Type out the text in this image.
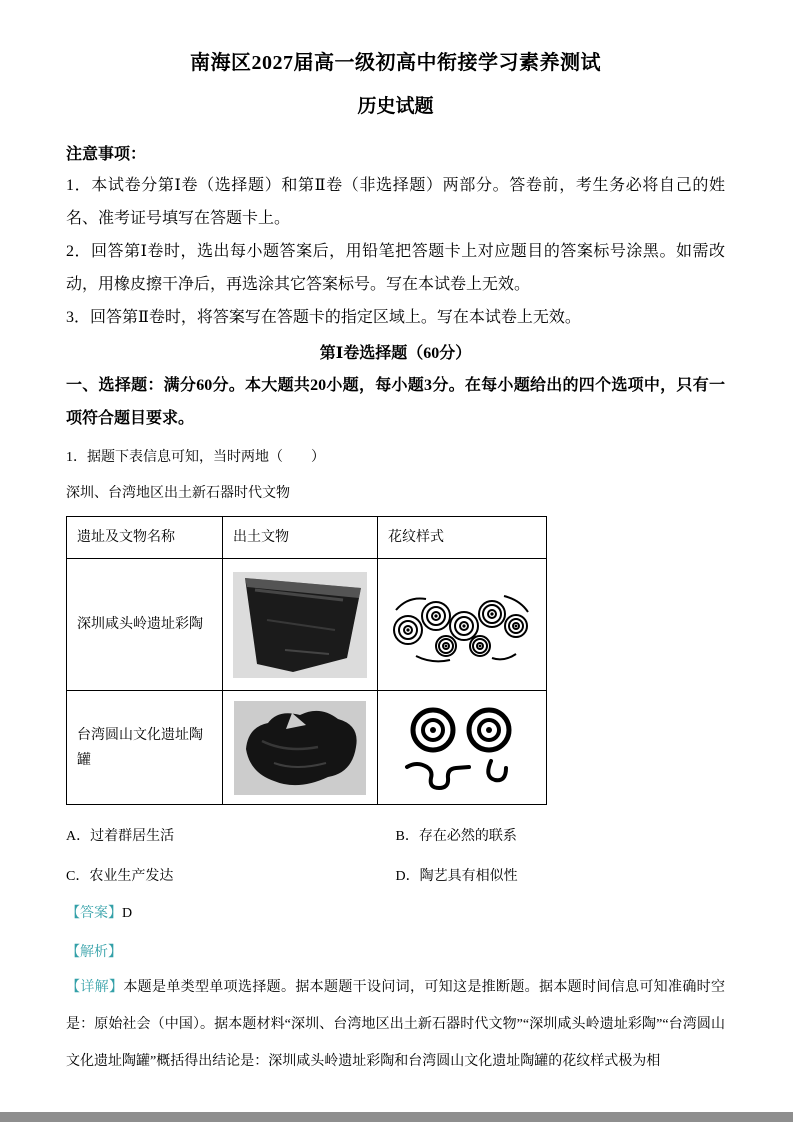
南海区2027届高一级初高中衔接学习素养测试
历史试题

注意事项：

1．本试卷分第Ⅰ卷（选择题）和第Ⅱ卷（非选择题）两部分。答卷前，考生务必将自己的姓名、准考证号填写在答题卡上。

2．回答第Ⅰ卷时，选出每小题答案后，用铅笔把答题卡上对应题目的答案标号涂黑。如需改动，用橡皮擦干净后，再选涂其它答案标号。写在本试卷上无效。

3．回答第Ⅱ卷时，将答案写在答题卡的指定区域上。写在本试卷上无效。

第Ⅰ卷选择题（60分）

一、选择题：满分60分。本大题共20小题，每小题3分。在每小题给出的四个选项中，只有一项符合题目要求。

1．据题下表信息可知，当时两地（　　）

深圳、台湾地区出土新石器时代文物

遗址及文物名称	出土文物	花纹样式
深圳咸头岭遗址彩陶	

台湾圆山文化遗址陶罐	

A．过着群居生活	B．存在必然的联系
C．农业生产发达	D．陶艺具有相似性

【答案】D

【解析】

【详解】本题是单类型单项选择题。据本题题干设问词，可知这是推断题。据本题时间信息可知准确时空是：原始社会（中国）。据本题材料“深圳、台湾地区出土新石器时代文物”“深圳咸头岭遗址彩陶”“台湾圆山文化遗址陶罐”概括得出结论是：深圳咸头岭遗址彩陶和台湾圆山文化遗址陶罐的花纹样式极为相
